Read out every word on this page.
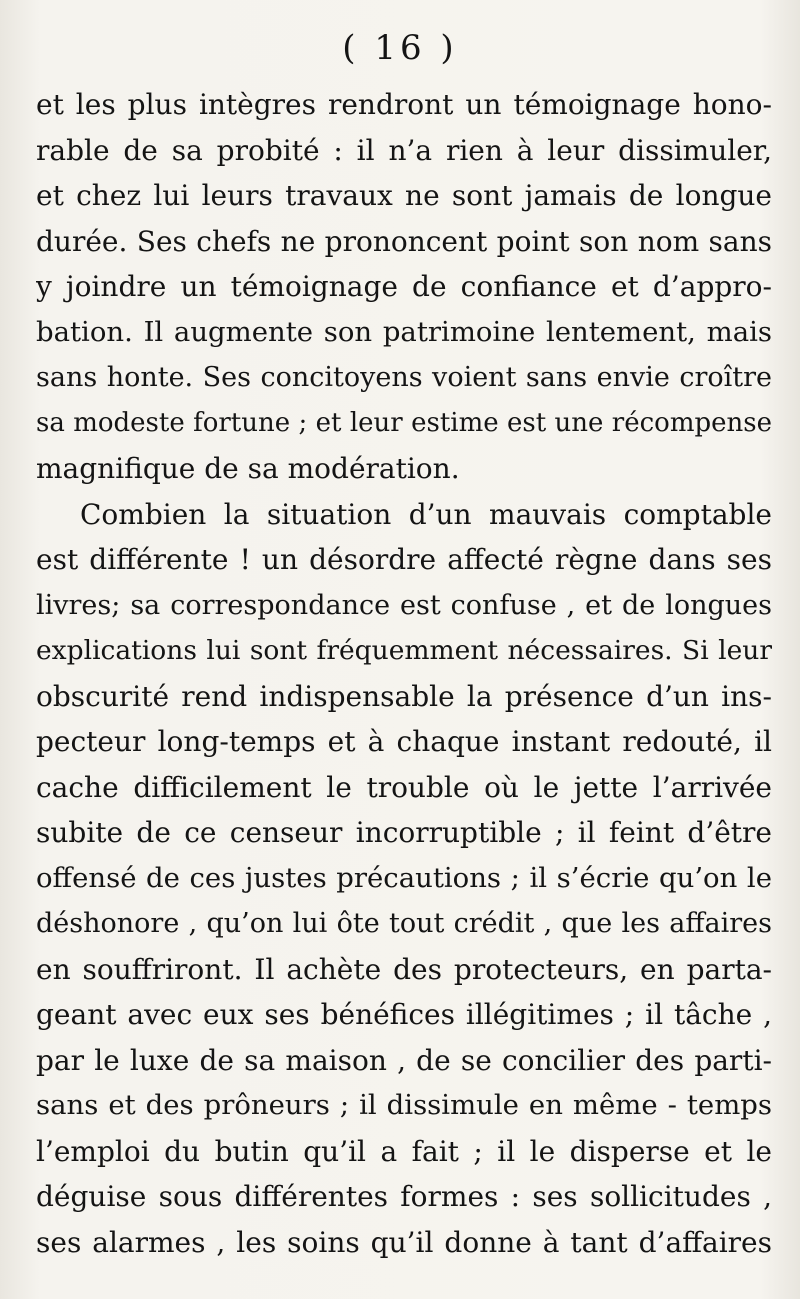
( 16 )
et les plus intègres rendront un témoignage hono-
rable de sa probité : il n’a rien à leur dissimuler,
et chez lui leurs travaux ne sont jamais de longue
durée. Ses chefs ne prononcent point son nom sans
y joindre un témoignage de confiance et d’appro-
bation. Il augmente son patrimoine lentement, mais
sans honte. Ses concitoyens voient sans envie croître
sa modeste fortune ; et leur estime est une récompense
magnifique de sa modération.
Combien la situation d’un mauvais comptable
est différente ! un désordre affecté règne dans ses
livres; sa correspondance est confuse , et de longues
explications lui sont fréquemment nécessaires. Si leur
obscurité rend indispensable la présence d’un ins-
pecteur long-temps et à chaque instant redouté, il
cache difficilement le trouble où le jette l’arrivée
subite de ce censeur incorruptible ; il feint d’être
offensé de ces justes précautions ; il s’écrie qu’on le
déshonore , qu’on lui ôte tout crédit , que les affaires
en souffriront. Il achète des protecteurs, en parta-
geant avec eux ses bénéfices illégitimes ; il tâche ,
par le luxe de sa maison , de se concilier des parti-
sans et des prôneurs ; il dissimule en même - temps
l’emploi du butin qu’il a fait ; il le disperse et le
déguise sous différentes formes : ses sollicitudes ,
ses alarmes , les soins qu’il donne à tant d’affaires
